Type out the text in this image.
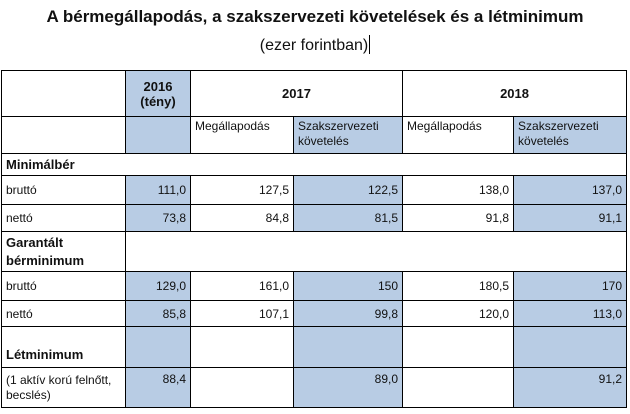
A bérmegállapodás, a szakszervezeti követelések és a létminimum
(ezer forintban)
	2016 (tény)	2017		2018	
		Megállapodás	Szakszervezeti követelés	Megállapodás	Szakszervezeti követelés
Minimálbér					
bruttó	111,0	127,5	122,5	138,0	137,0
nettó	73,8	84,8	81,5	91,8	91,1
Garantált bérminimum					
bruttó	129,0	161,0	150	180,5	170
nettó	85,8	107,1	99,8	120,0	113,0
Létminimum					
(1 aktív korú felnőtt, becslés)	88,4		89,0		91,2
